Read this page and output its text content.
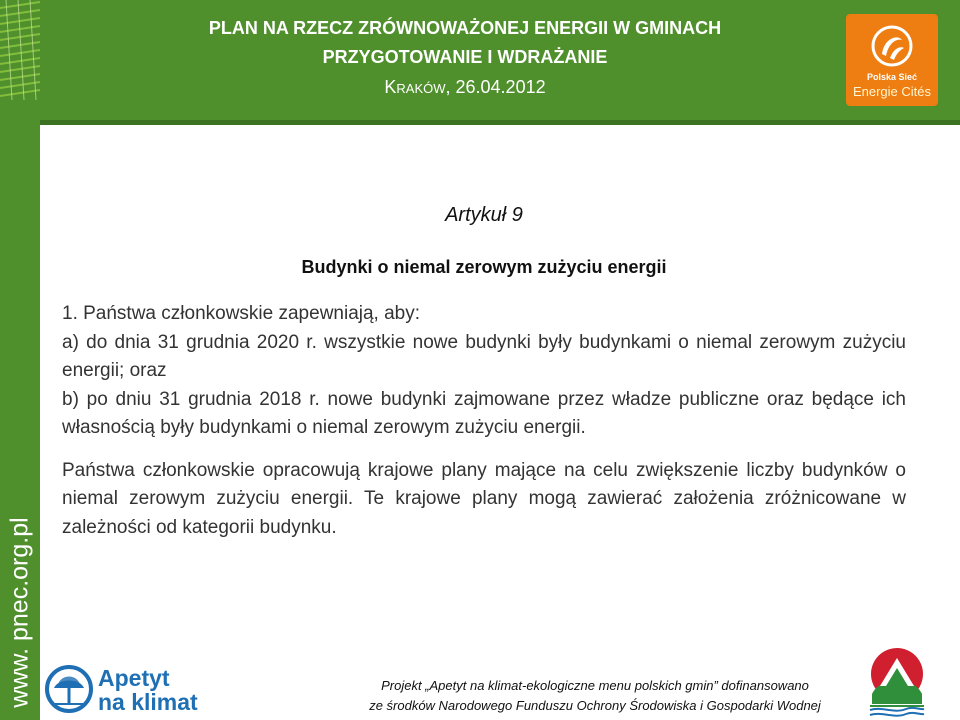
www. pnec.org.pl
PLAN NA RZECZ ZRÓWNOWAŻONEJ ENERGII W GMINACH
PRZYGOTOWANIE I WDRAŻANIE
Kraków, 26.04.2012	Polska Sieć
Energie Cités

Artykuł 9

Budynki o niemal zerowym zużyciu energii

1. Państwa członkowskie zapewniają, aby:

a) do dnia 31 grudnia 2020 r. wszystkie nowe budynki były budynkami o niemal zerowym zużyciu energii; oraz

b) po dniu 31 grudnia 2018 r. nowe budynki zajmowane przez władze publiczne oraz będące ich własnością były budynkami o niemal zerowym zużyciu energii.

Państwa członkowskie opracowują krajowe plany mające na celu zwiększenie liczby budynków o niemal zerowym zużyciu energii. Te krajowe plany mogą zawierać założenia zróżnicowane w zależności od kategorii budynku.

Apetyt
na klimat
Projekt „Apetyt na klimat-ekologiczne menu polskich gmin” dofinansowano
ze środków Narodowego Funduszu Ochrony Środowiska i Gospodarki Wodnej
